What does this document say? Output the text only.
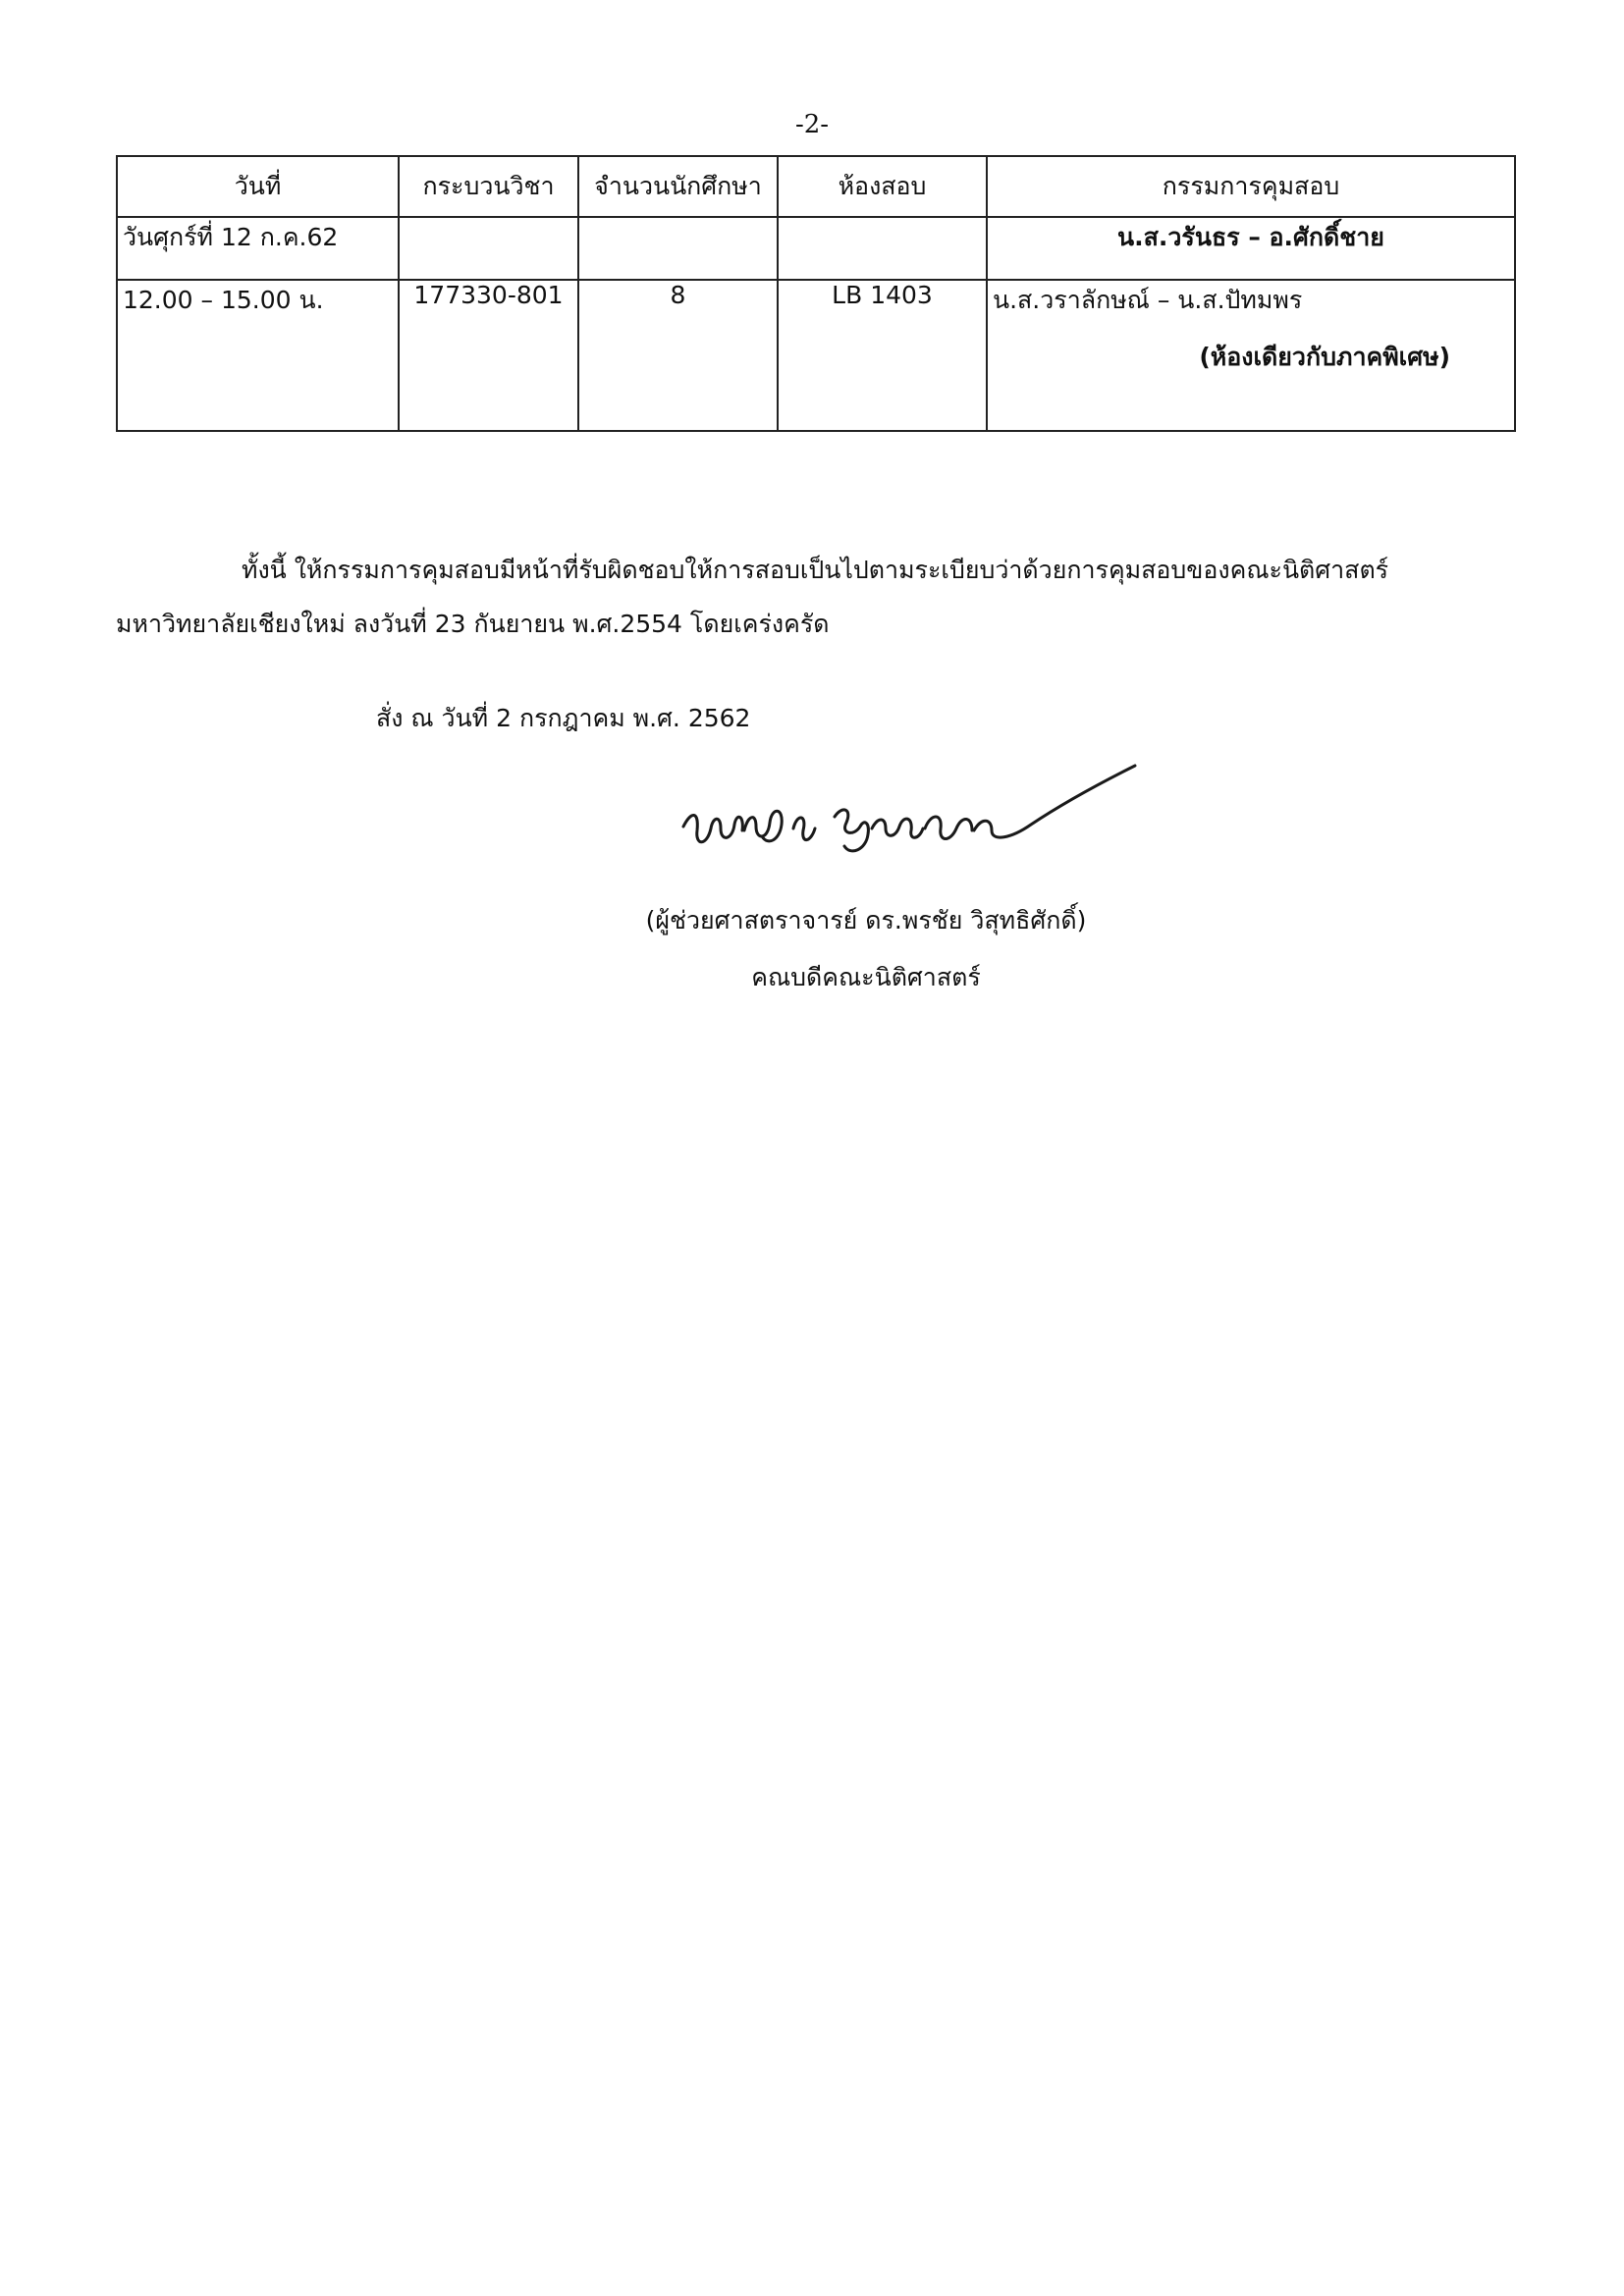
-2-
วันที่	กระบวนวิชา	จำนวนนักศึกษา	ห้องสอบ	กรรมการคุมสอบ
วันศุกร์ที่ 12 ก.ค.62				น.ส.วรันธร – อ.ศักดิ์ชาย
12.00 – 15.00 น.	177330-801	8	LB 1403	น.ส.วราลักษณ์ – น.ส.ปัทมพร
(ห้องเดียวกับภาคพิเศษ)
ทั้งนี้ ให้กรรมการคุมสอบมีหน้าที่รับผิดชอบให้การสอบเป็นไปตามระเบียบว่าด้วยการคุมสอบของคณะนิติศาสตร์
มหาวิทยาลัยเชียงใหม่ ลงวันที่ 23 กันยายน พ.ศ.2554 โดยเคร่งครัด
สั่ง ณ วันที่ 2 กรกฎาคม พ.ศ. 2562
(ผู้ช่วยศาสตราจารย์ ดร.พรชัย วิสุทธิศักดิ์)
คณบดีคณะนิติศาสตร์
